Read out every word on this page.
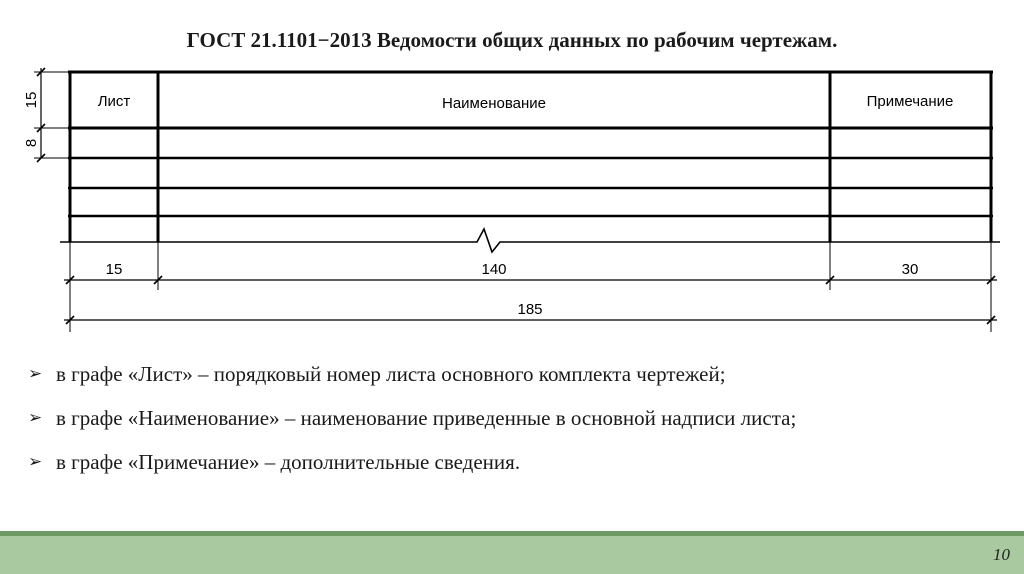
ГОСТ 21.1101−2013 Ведомости общих данных по рабочим чертежам.
15
8
Лист	Наименование	Примечание
15	140	30
185
➢ в графе «Лист» – порядковый номер листа основного комплекта чертежей;
➢ в графе «Наименование» – наименование приведенные в основной надписи листа;
➢ в графе «Примечание» – дополнительные сведения.
10
